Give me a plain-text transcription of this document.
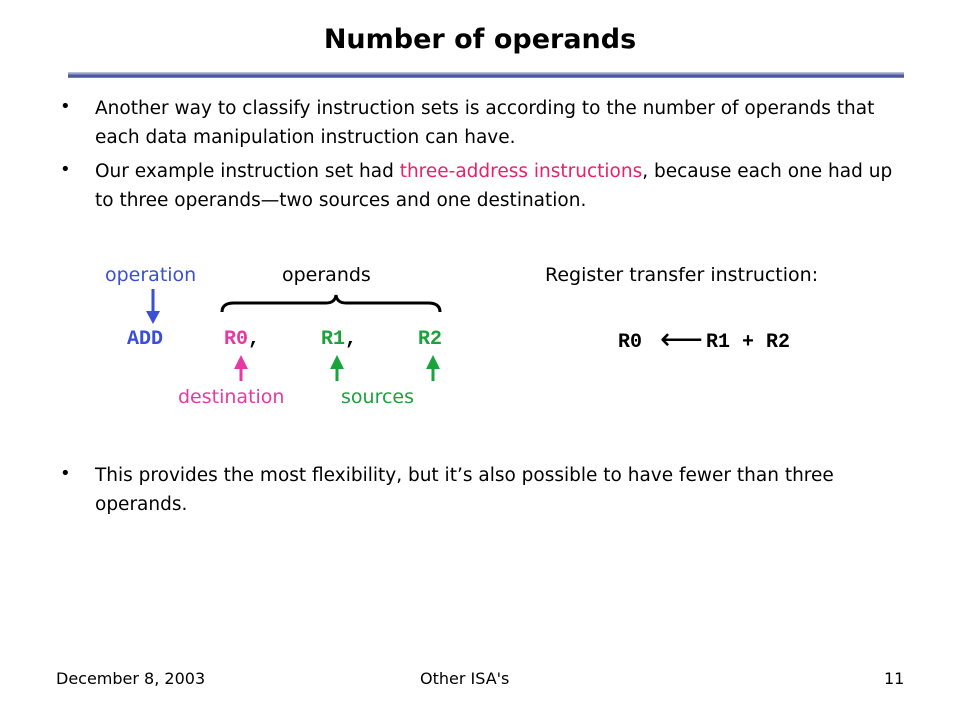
Number of operands
• Another way to classify instruction sets is according to the number of operands that each data manipulation instruction can have.
• Our example instruction set had three-address instructions, because each one had up to three operands—two sources and one destination.
operation	operands
ADD	R0 ,	R1 ,	R2
destination	sources
Register transfer instruction:
R0 ⟵ R1 + R2
• This provides the most flexibility, but it’s also possible to have fewer than three operands.
December 8, 2003	Other ISA's	11
